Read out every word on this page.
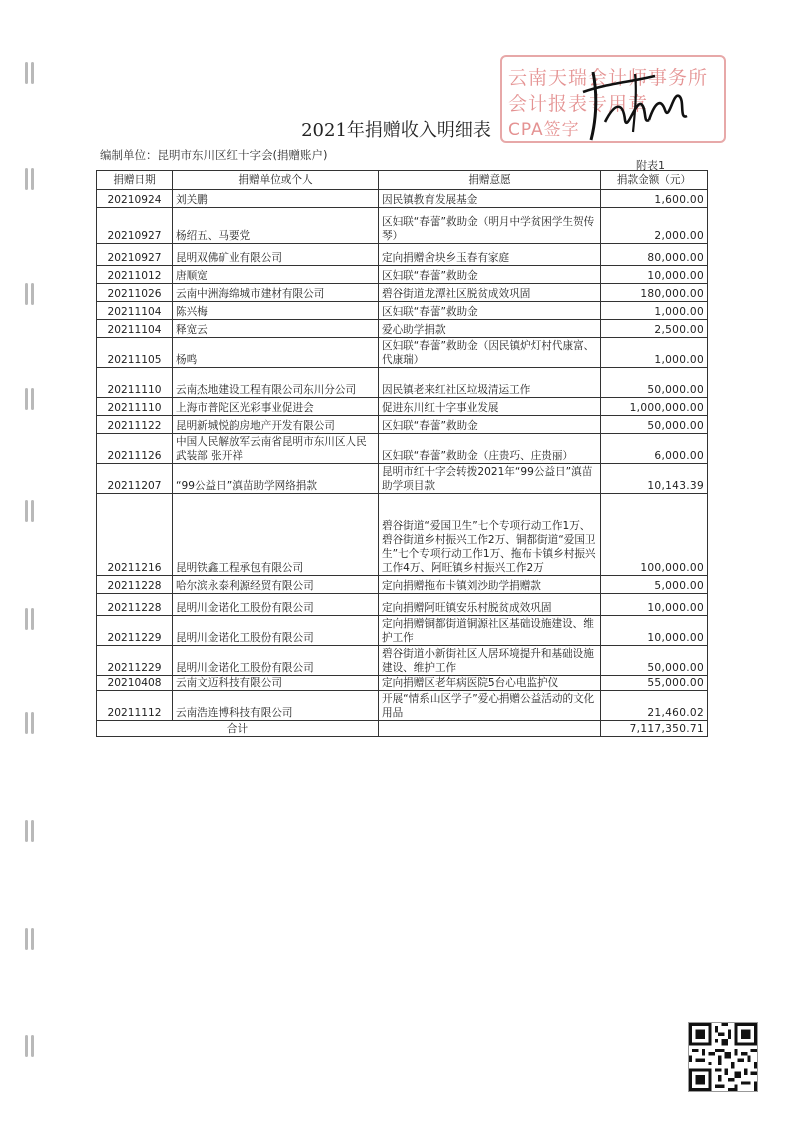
云南天瑞会计师事务所
会计报表专用章
CPA签字
2021年捐赠收入明细表
编制单位：昆明市东川区红十字会(捐赠账户)
附表1
捐赠日期	捐赠单位或个人	捐赠意愿	捐款金额（元）
20210924	刘关鹏	因民镇教育发展基金	1,600.00
20210927	杨绍五、马要党	区妇联“春蕾”救助金（明月中学贫困学生贺传琴）	2,000.00
20210927	昆明双佛矿业有限公司	定向捐赠舍块乡玉春有家庭	80,000.00
20211012	唐顺宽	区妇联“春蕾”救助金	10,000.00
20211026	云南中洲海绵城市建材有限公司	碧谷街道龙潭社区脱贫成效巩固	180,000.00
20211104	陈兴梅	区妇联“春蕾”救助金	1,000.00
20211104	释宽云	爱心助学捐款	2,500.00
20211105	杨鸣	区妇联“春蕾”救助金（因民镇炉灯村代康富、代康瑞）	1,000.00
20211110	云南杰地建设工程有限公司东川分公司	因民镇老来红社区垃圾清运工作	50,000.00
20211110	上海市普陀区光彩事业促进会	促进东川红十字事业发展	1,000,000.00
20211122	昆明新城悦韵房地产开发有限公司	区妇联“春蕾”救助金	50,000.00
20211126	中国人民解放军云南省昆明市东川区人民武装部 张开祥	区妇联“春蕾”救助金（庄贵巧、庄贵丽）	6,000.00
20211207	“99公益日”滇苗助学网络捐款	昆明市红十字会转拨2021年“99公益日”滇苗助学项目款	10,143.39
20211216	昆明铁鑫工程承包有限公司	碧谷街道“爱国卫生”七个专项行动工作1万、碧谷街道乡村振兴工作2万、铜都街道“爱国卫生”七个专项行动工作1万、拖布卡镇乡村振兴工作4万、阿旺镇乡村振兴工作2万	100,000.00
20211228	哈尔滨永泰利源经贸有限公司	定向捐赠拖布卡镇刘沙助学捐赠款	5,000.00
20211228	昆明川金诺化工股份有限公司	定向捐赠阿旺镇安乐村脱贫成效巩固	10,000.00
20211229	昆明川金诺化工股份有限公司	定向捐赠铜都街道铜源社区基础设施建设、维护工作	10,000.00
20211229	昆明川金诺化工股份有限公司	碧谷街道小新街社区人居环境提升和基础设施建设、维护工作	50,000.00
20210408	云南文迈科技有限公司	定向捐赠区老年病医院5台心电监护仪	55,000.00
20211112	云南浩连博科技有限公司	开展“情系山区学子”爱心捐赠公益活动的文化用品	21,460.02
合计			7,117,350.71
